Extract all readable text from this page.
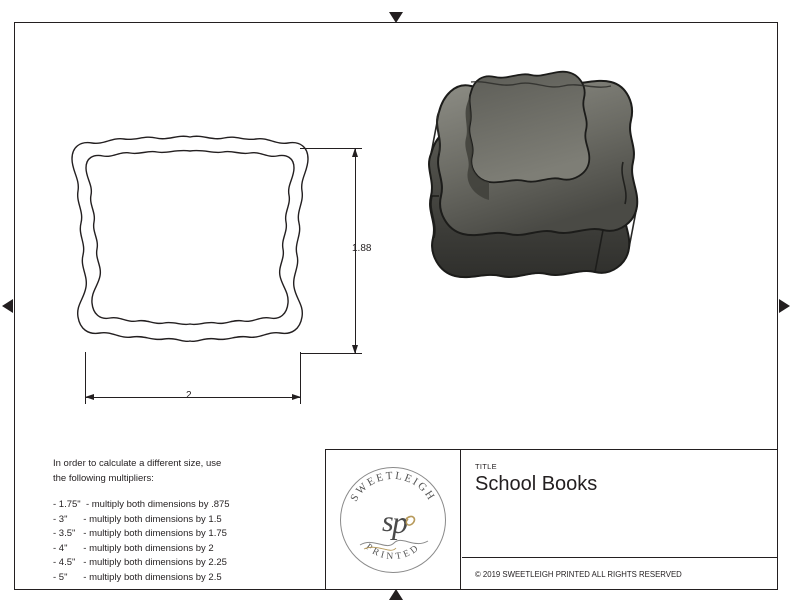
1.88
2
In order to calculate a different size, use
the following multipliers:
- 1.75"  - multiply both dimensions by .875
- 3"      - multiply both dimensions by 1.5
- 3.5"   - multiply both dimensions by 1.75
- 4"      - multiply both dimensions by 2
- 4.5"   - multiply both dimensions by 2.25
- 5"      - multiply both dimensions by 2.5
SWEETLEIGH
PRINTED
s
p
TITLE
School Books
© 2019 SWEETLEIGH PRINTED ALL RIGHTS RESERVED
